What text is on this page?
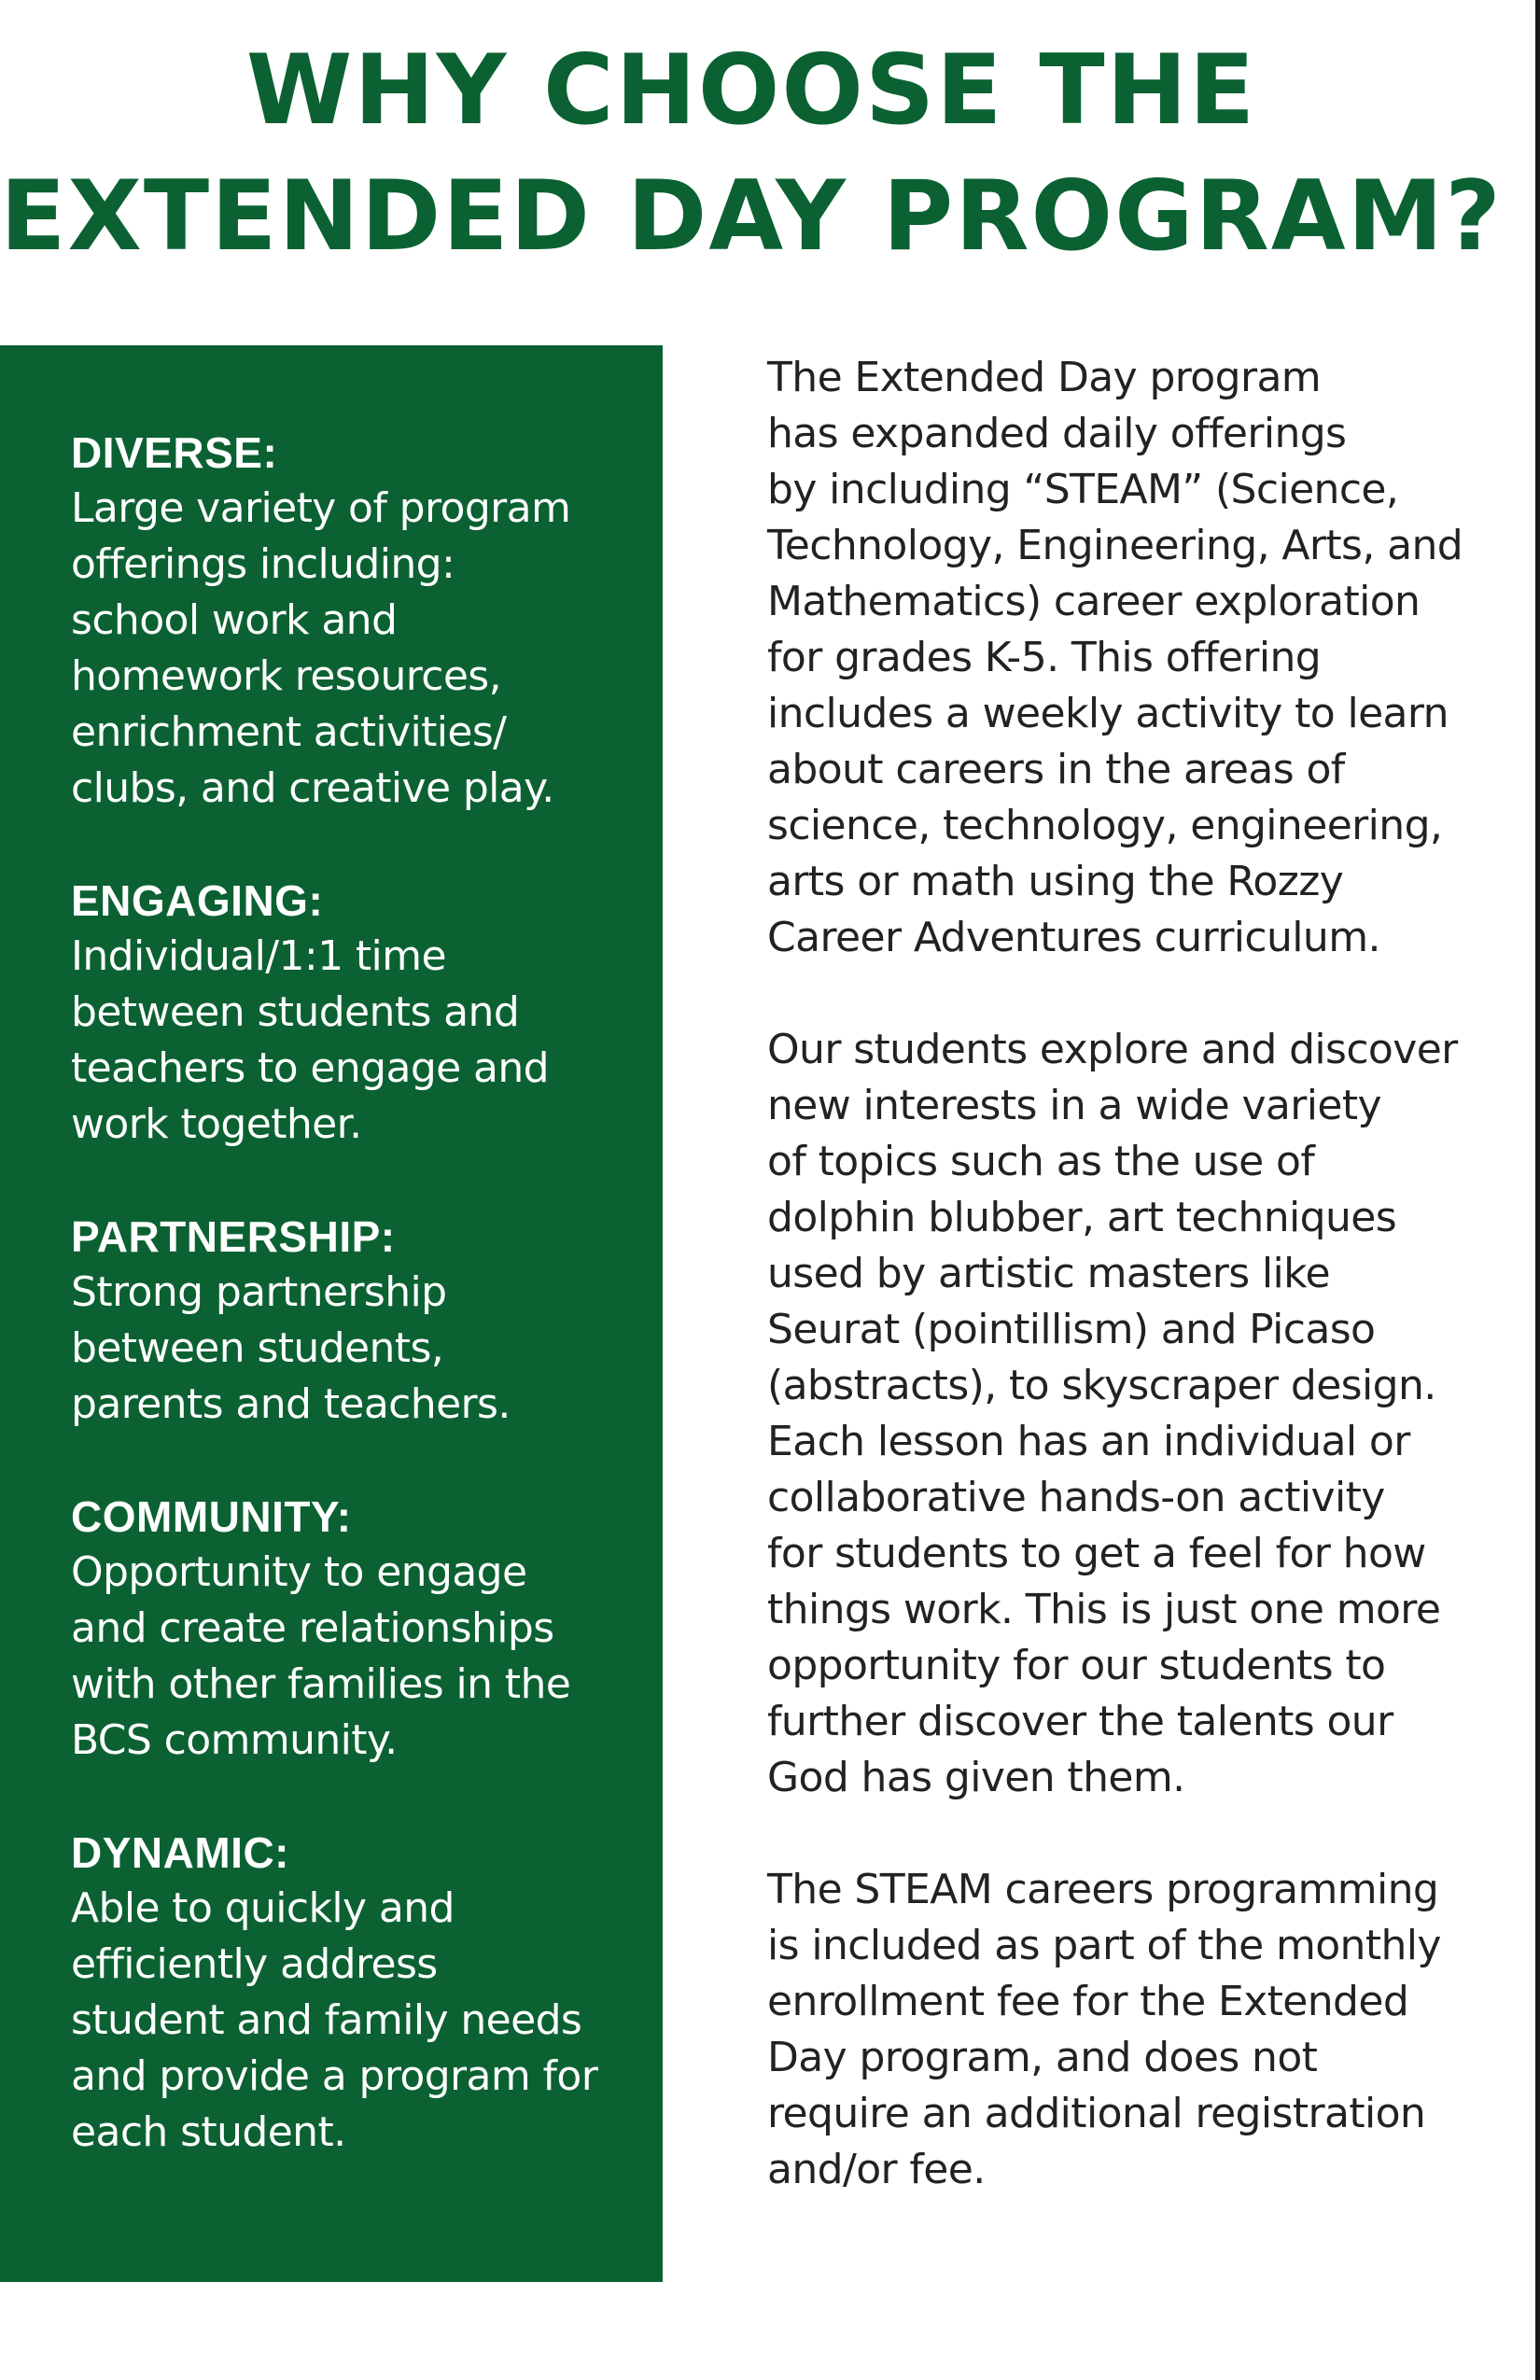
WHY CHOOSE THE
EXTENDED DAY PROGRAM?
DIVERSE:
Large variety of program
offerings including:
school work and
homework resources,
enrichment activities/
clubs, and creative play.
ENGAGING:
Individual/1:1 time
between students and
teachers to engage and
work together.
PARTNERSHIP:
Strong partnership
between students,
parents and teachers.
COMMUNITY:
Opportunity to engage
and create relationships
with other families in the
BCS community.
DYNAMIC:
Able to quickly and
efficiently address
student and family needs
and provide a program for
each student.

The Extended Day program
has expanded daily offerings
by including “STEAM” (Science,
Technology, Engineering, Arts, and
Mathematics) career exploration
for grades K-5. This offering
includes a weekly activity to learn
about careers in the areas of
science, technology, engineering,
arts or math using the Rozzy
Career Adventures curriculum.

Our students explore and discover
new interests in a wide variety
of topics such as the use of
dolphin blubber, art techniques
used by artistic masters like
Seurat (pointillism) and Picaso
(abstracts), to skyscraper design.
Each lesson has an individual or
collaborative hands-on activity
for students to get a feel for how
things work. This is just one more
opportunity for our students to
further discover the talents our
God has given them.

The STEAM careers programming
is included as part of the monthly
enrollment fee for the Extended
Day program, and does not
require an additional registration
and/or fee.
